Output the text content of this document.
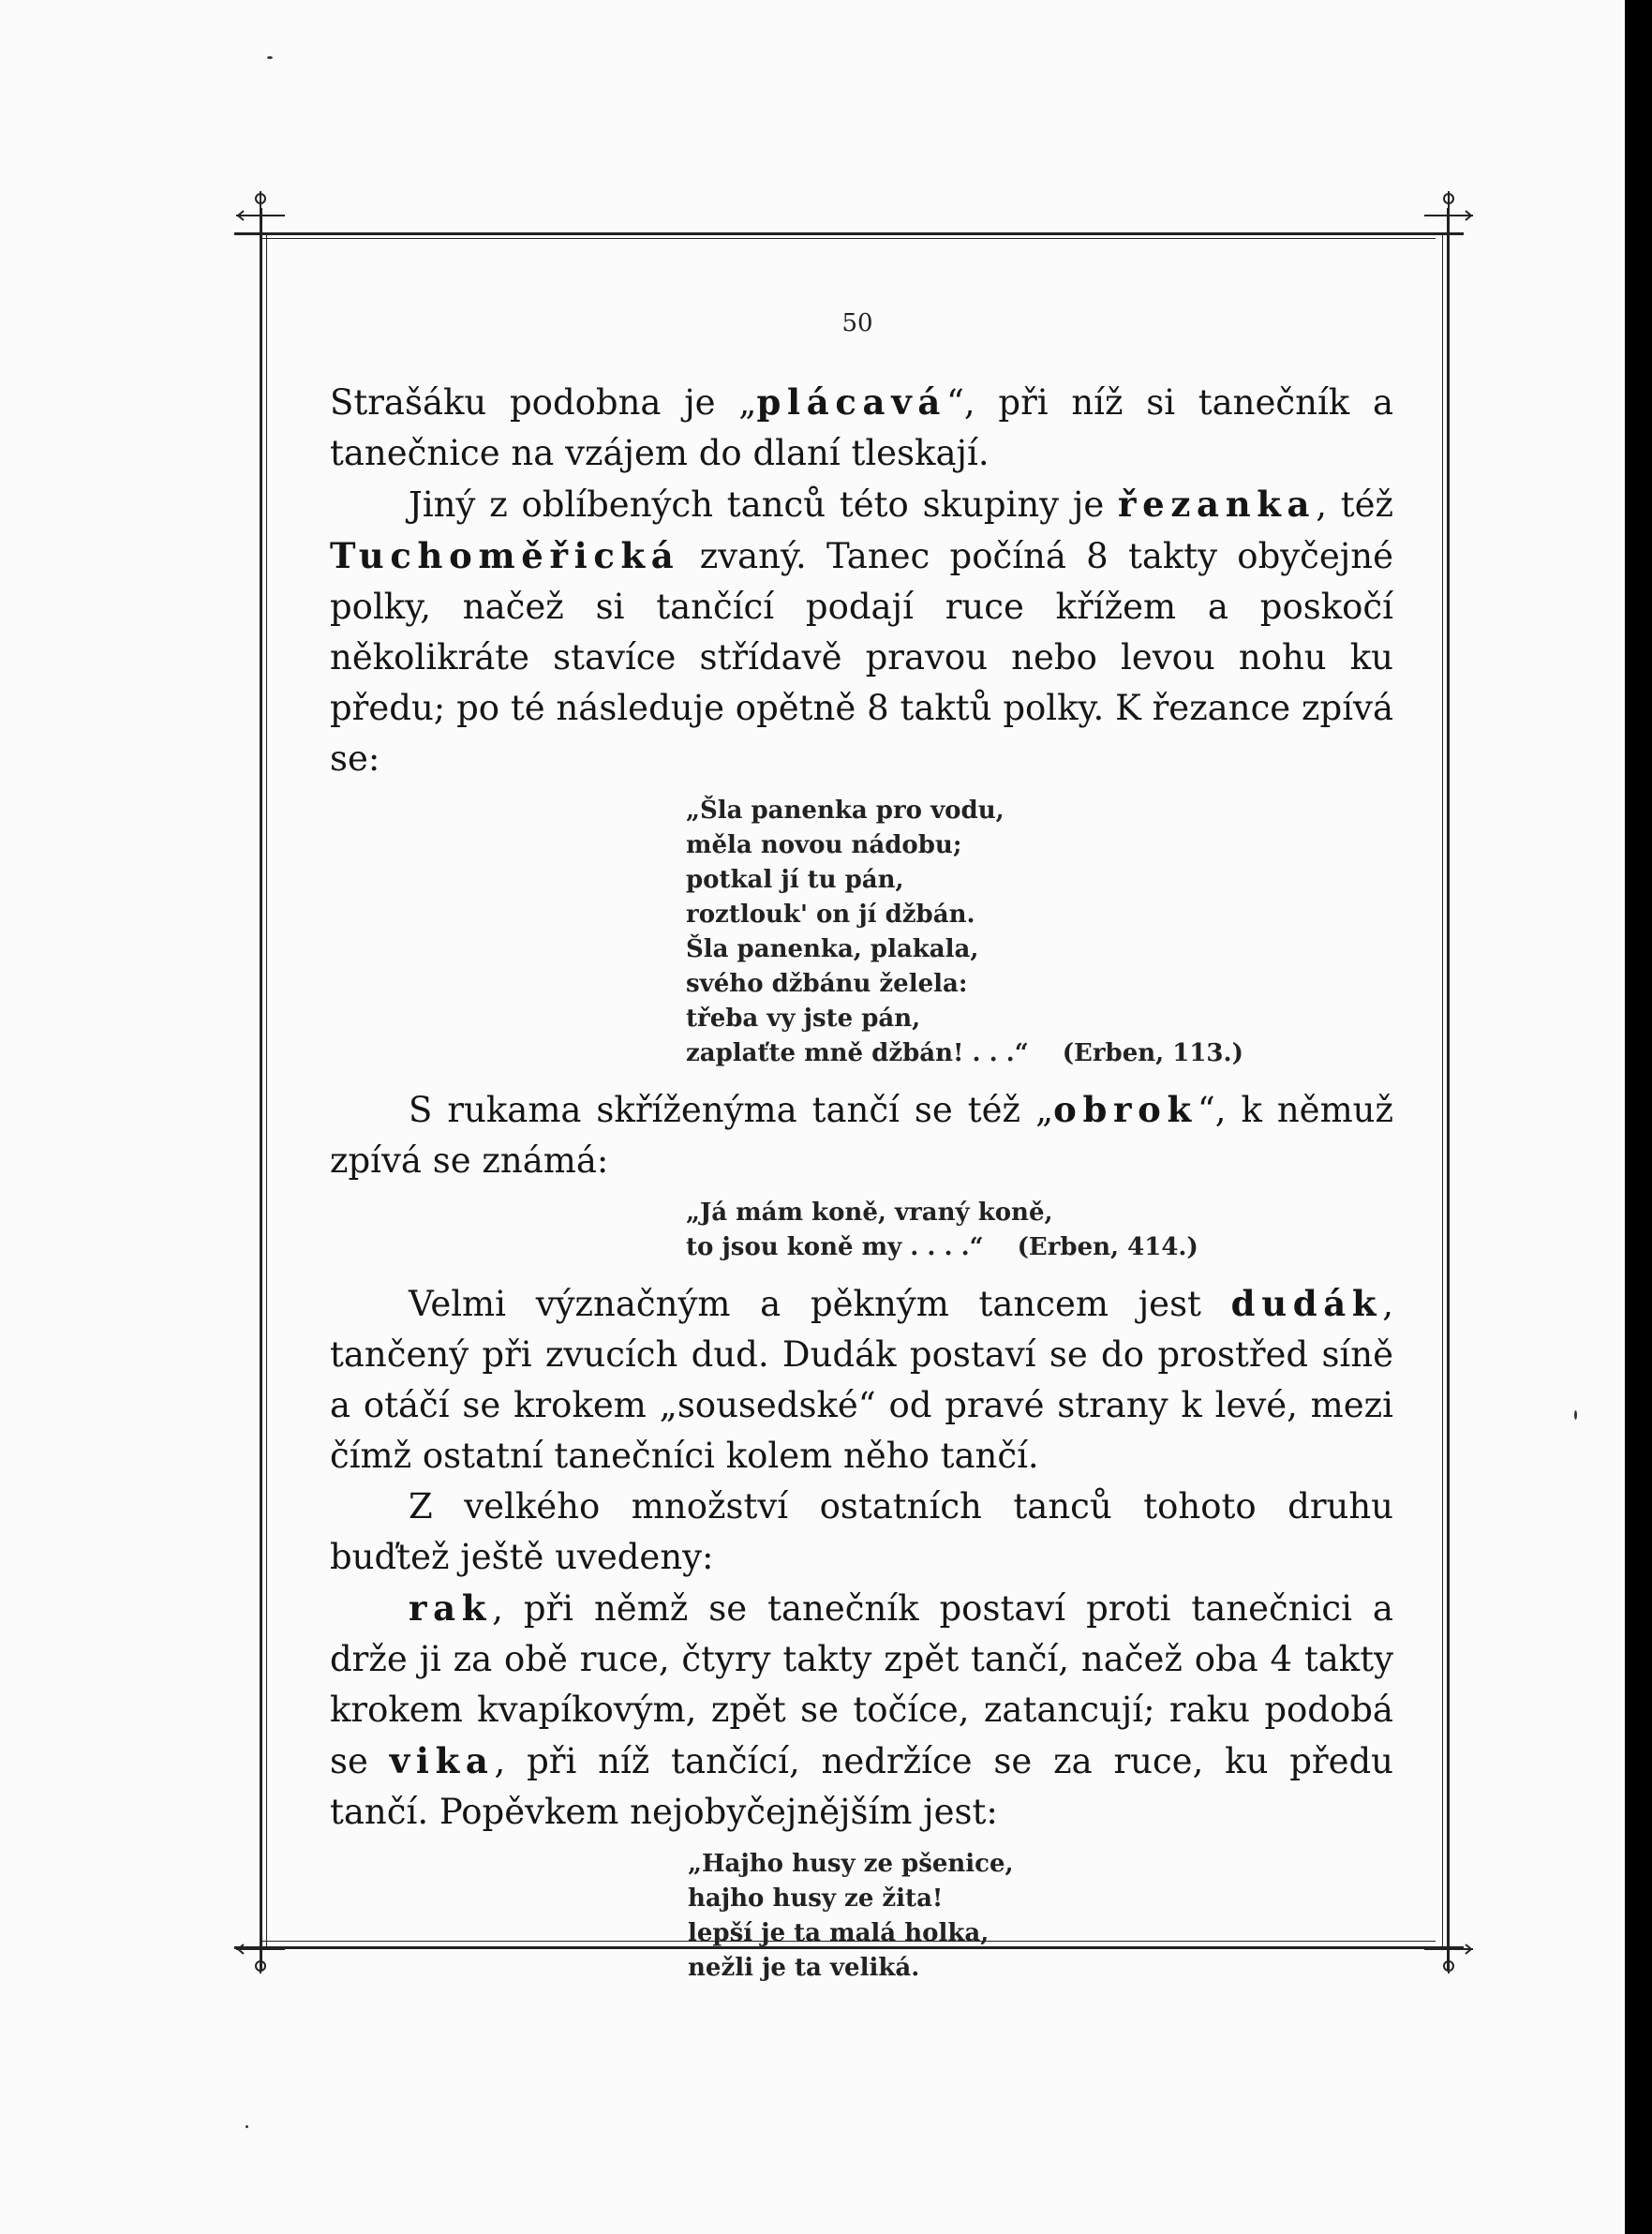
50

Strašáku podobna je „plácavá“, při níž si tanečník a tanečnice na vzájem do dlaní tleskají.

Jiný z oblíbených tanců této skupiny je řezanka, též Tuchoměřická zvaný. Tanec počíná 8 takty obyčejné polky, načež si tančící podají ruce křížem a poskočí několikráte stavíce střídavě pravou nebo levou nohu ku předu; po té následuje opětně 8 taktů polky. K řezance zpívá se:

„Šla panenka pro vodu,
měla novou nádobu;
potkal jí tu pán,
roztlouk' on jí džbán.
Šla panenka, plakala,
svého džbánu želela:
třeba vy jste pán,
zaplaťte mně džbán! . . .“ (Erben, 113.)

S rukama skříženýma tančí se též „obrok“, k němuž zpívá se známá:

„Já mám koně, vraný koně,
to jsou koně my . . . .“ (Erben, 414.)

Velmi význačným a pěkným tancem jest dudák, tančený při zvucích dud. Dudák postaví se do prostřed síně a otáčí se krokem „sousedské“ od pravé strany k levé, mezi čímž ostatní tanečníci kolem něho tančí.

Z velkého množství ostatních tanců tohoto druhu buďtež ještě uvedeny:

rak, při němž se tanečník postaví proti tanečnici a drže ji za obě ruce, čtyry takty zpět tančí, načež oba 4 takty krokem kvapíkovým, zpět se točíce, zatancují; raku podobá se vika, při níž tančící, nedržíce se za ruce, ku předu tančí. Popěvkem nejobyčejnějším jest:

„Hajho husy ze pšenice,
hajho husy ze žita!
lepší je ta malá holka,
nežli je ta veliká.
